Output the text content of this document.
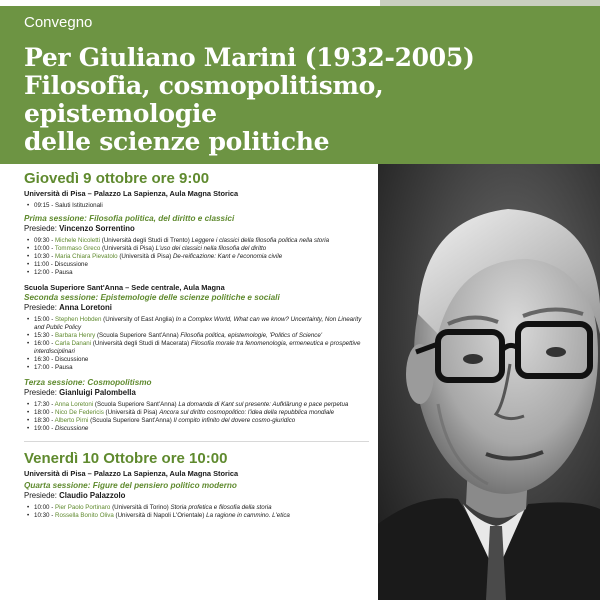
Convegno
Per Giuliano Marini (1932-2005)
Filosofia, cosmopolitismo, epistemologie
delle scienze politiche
Giovedì 9 ottobre ore 9:00
Università di Pisa – Palazzo La Sapienza, Aula Magna Storica
• 09:15 - Saluti Istituzionali
Prima sessione: Filosofia politica, del diritto e classici
Presiede: Vincenzo Sorrentino
• 09:30 - Michele Nicoletti (Università degli Studi di Trento) Leggere i classici della filosofia politica nella storia
• 10:00 - Tommaso Greco (Università di Pisa) L'uso dei classici nella filosofia del diritto
• 10:30 - Maria Chiara Pievatolo (Università di Pisa) De-reificazione: Kant e l'economia civile
• 11:00 - Discussione
• 12:00 - Pausa
Scuola Superiore Sant'Anna – Sede centrale, Aula Magna
Seconda sessione: Epistemologie delle scienze politiche e sociali
Presiede: Anna Loretoni
• 15:00 - Stephen Hobden (University of East Anglia) In a Complex World, What can we know? Uncertainty, Non Linearity and Public Policy
• 15:30 - Barbara Henry (Scuola Superiore Sant'Anna) Filosofia politica, epistemologie, 'Politics of Science'
• 16:00 - Carla Danani (Università degli Studi di Macerata) Filosofia morale tra fenomenologia, ermeneutica e prospettive interdisciplinari
• 16:30 - Discussione
• 17:00 - Pausa
Terza sessione: Cosmopolitismo
Presiede: Gianluigi Palombella
• 17:30 - Anna Loretoni (Scuola Superiore Sant'Anna) La domanda di Kant sul presente: Aufklärung e pace perpetua
• 18:00 - Nico De Federicis (Università di Pisa) Ancora sul diritto cosmopolitico: l'idea della repubblica mondiale
• 18:30 - Alberto Pirni (Scuola Superiore Sant'Anna) Il compito infinito del dovere cosmo-giuridico
• 19:00 - Discussione
Venerdì 10 Ottobre ore 10:00
Università di Pisa – Palazzo La Sapienza, Aula Magna Storica
Quarta sessione: Figure del pensiero politico moderno
Presiede: Claudio Palazzolo
• 10:00 - Pier Paolo Portinaro (Università di Torino) Storia profetica e filosofia della storia
• 10:30 - Rossella Bonito Oliva (Università di Napoli L'Orientale) La ragione in cammino. L'etica
